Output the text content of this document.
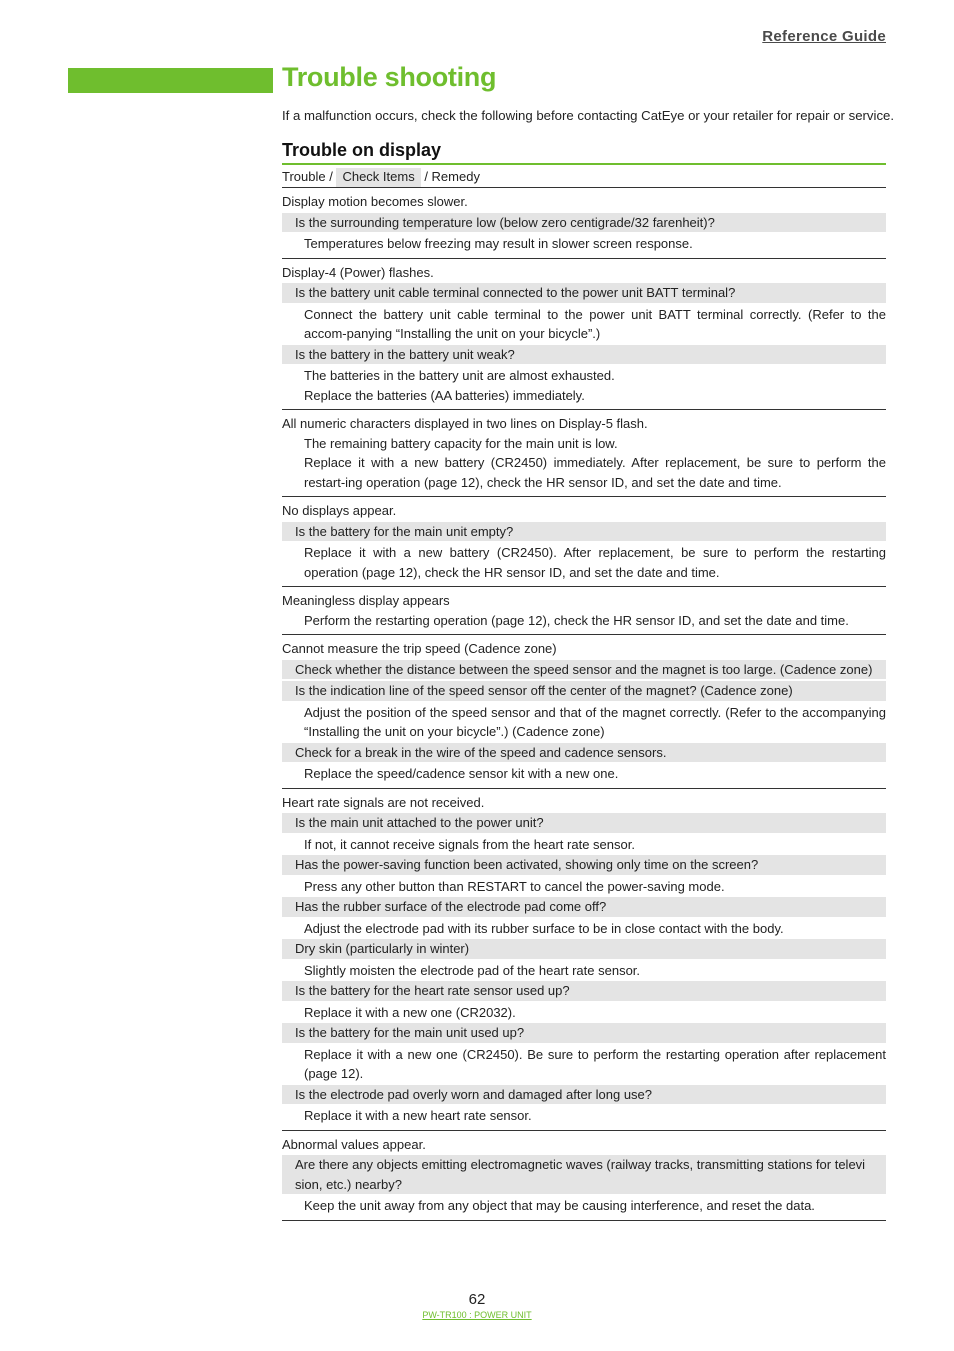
Reference Guide
Trouble shooting
If a malfunction occurs, check the following before contacting CatEye or your retailer for repair or service.
Trouble on display
Trouble / Check Items / Remedy
Display motion becomes slower.
Is the surrounding temperature low (below zero centigrade/32 farenheit)?
Temperatures below freezing may result in slower screen response.
Display-4 (Power) flashes.
Is the battery unit cable terminal connected to the power unit BATT terminal?
Connect the battery unit cable terminal to the power unit BATT terminal correctly. (Refer to the accom-panying “Installing the unit on your bicycle”.)
Is the battery in the battery unit weak?
The batteries in the battery unit are almost exhausted.
Replace the batteries (AA batteries) immediately.
All numeric characters displayed in two lines on Display-5 flash.
The remaining battery capacity for the main unit is low.
Replace it with a new battery (CR2450) immediately. After replacement, be sure to perform the restart-ing operation (page 12), check the HR sensor ID, and set the date and time.
No displays appear.
Is the battery for the main unit empty?
Replace it with a new battery (CR2450). After replacement, be sure to perform the restarting operation (page 12), check the HR sensor ID, and set the date and time.
Meaningless display appears
Perform the restarting operation (page 12), check the HR sensor ID, and set the date and time.
Cannot measure the trip speed (Cadence zone)
Check whether the distance between the speed sensor and the magnet is too large. (Cadence zone)
Is the indication line of the speed sensor off the center of the magnet? (Cadence zone)
Adjust the position of the speed sensor and that of the magnet correctly. (Refer to the accompanying “Installing the unit on your bicycle”.) (Cadence zone)
Check for a break in the wire of the speed and cadence sensors.
Replace the speed/cadence sensor kit with a new one.
Heart rate signals are not received.
Is the main unit attached to the power unit?
If not, it cannot receive signals from the heart rate sensor.
Has the power-saving function been activated, showing only time on the screen?
Press any other button than RESTART to cancel the power-saving mode.
Has the rubber surface of the electrode pad come off?
Adjust the electrode pad with its rubber surface to be in close contact with the body.
Dry skin (particularly in winter)
Slightly moisten the electrode pad of the heart rate sensor.
Is the battery for the heart rate sensor used up?
Replace it with a new one (CR2032).
Is the battery for the main unit used up?
Replace it with a new one (CR2450). Be sure to perform the restarting operation after replacement (page 12).
Is the electrode pad overly worn and damaged after long use?
Replace it with a new heart rate sensor.
Abnormal values appear.
Are there any objects emitting electromagnetic waves (railway tracks, transmitting stations for televi sion, etc.) nearby?
Keep the unit away from any object that may be causing interference, and reset the data.
62
PW-TR100 : POWER UNIT
